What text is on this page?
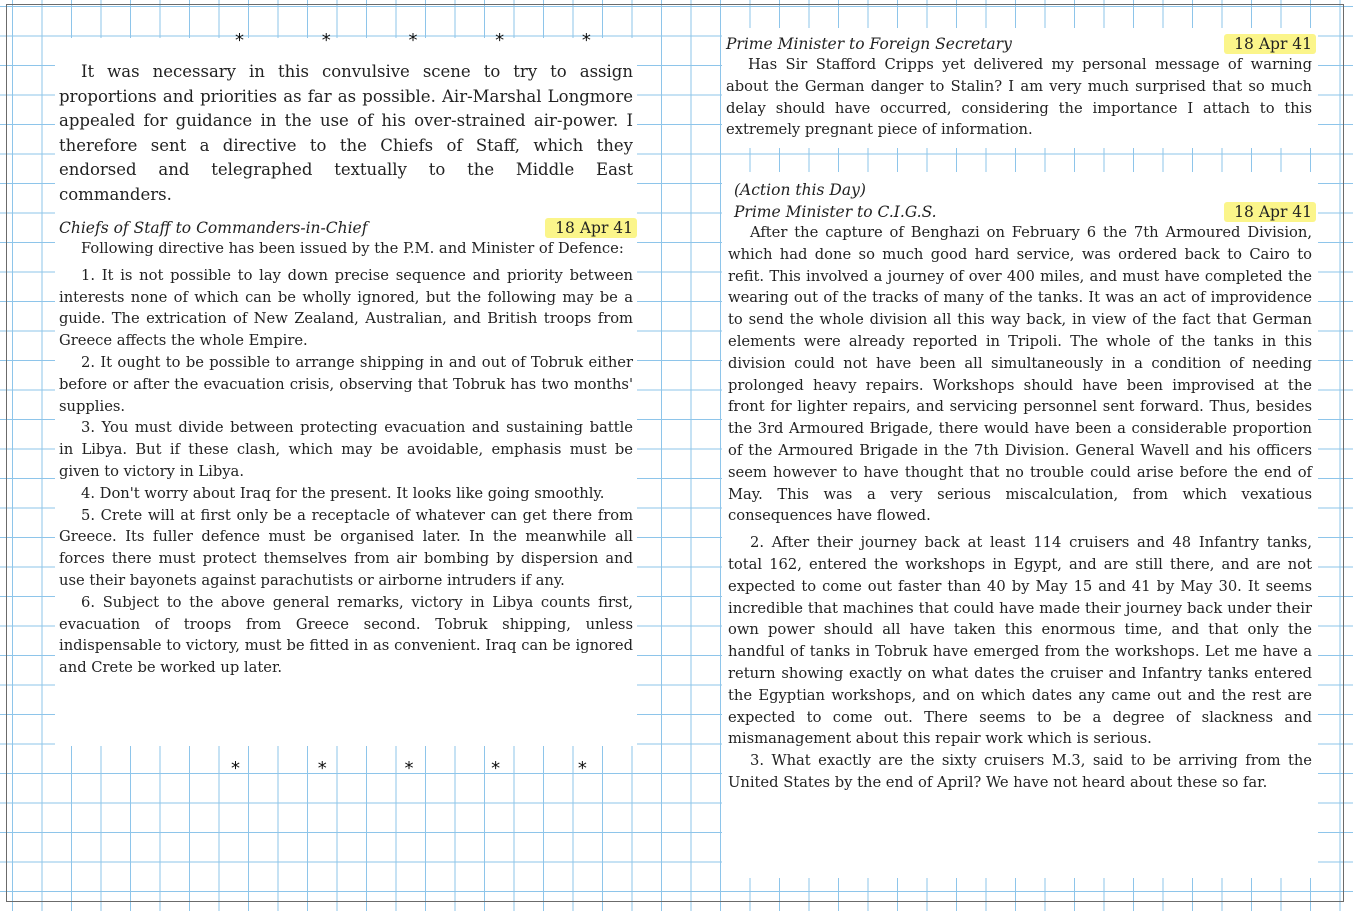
* * * * *

It was necessary in this convulsive scene to try to assign proportions and priorities as far as possible. Air-Marshal Longmore appealed for guidance in the use of his over-strained air-power. I therefore sent a directive to the Chiefs of Staff, which they endorsed and telegraphed textually to the Middle East commanders.

Chiefs of Staff to Commanders-in-Chief	18 Apr 41

Following directive has been issued by the P.M. and Minister of Defence:

1. It is not possible to lay down precise sequence and priority between interests none of which can be wholly ignored, but the following may be a guide. The extrication of New Zealand, Australian, and British troops from Greece affects the whole Empire.

2. It ought to be possible to arrange shipping in and out of Tobruk either before or after the evacuation crisis, observing that Tobruk has two months' supplies.

3. You must divide between protecting evacuation and sustaining battle in Libya. But if these clash, which may be avoidable, emphasis must be given to victory in Libya.

4. Don't worry about Iraq for the present. It looks like going smoothly.

5. Crete will at first only be a receptacle of whatever can get there from Greece. Its fuller defence must be organised later. In the meanwhile all forces there must protect themselves from air bombing by dispersion and use their bayonets against parachutists or airborne intruders if any.

6. Subject to the above general remarks, victory in Libya counts first, evacuation of troops from Greece second. Tobruk shipping, unless indispensable to victory, must be fitted in as convenient. Iraq can be ignored and Crete be worked up later.

* * * * *
Prime Minister to Foreign Secretary	18 Apr 41

Has Sir Stafford Cripps yet delivered my personal message of warning about the German danger to Stalin? I am very much surprised that so much delay should have occurred, considering the importance I attach to this extremely pregnant piece of information.

(Action this Day)
Prime Minister to C.I.G.S.	18 Apr 41

After the capture of Benghazi on February 6 the 7th Armoured Division, which had done so much good hard service, was ordered back to Cairo to refit. This involved a journey of over 400 miles, and must have completed the wearing out of the tracks of many of the tanks. It was an act of improvidence to send the whole division all this way back, in view of the fact that German elements were already reported in Tripoli. The whole of the tanks in this division could not have been all simultaneously in a condition of needing prolonged heavy repairs. Workshops should have been improvised at the front for lighter repairs, and servicing personnel sent forward. Thus, besides the 3rd Armoured Brigade, there would have been a considerable proportion of the Armoured Brigade in the 7th Division. General Wavell and his officers seem however to have thought that no trouble could arise before the end of May. This was a very serious miscalculation, from which vexatious consequences have flowed.

2. After their journey back at least 114 cruisers and 48 Infantry tanks, total 162, entered the workshops in Egypt, and are still there, and are not expected to come out faster than 40 by May 15 and 41 by May 30. It seems incredible that machines that could have made their journey back under their own power should all have taken this enormous time, and that only the handful of tanks in Tobruk have emerged from the workshops. Let me have a return showing exactly on what dates the cruiser and Infantry tanks entered the Egyptian workshops, and on which dates any came out and the rest are expected to come out. There seems to be a degree of slackness and mismanagement about this repair work which is serious.

3. What exactly are the sixty cruisers M.3, said to be arriving from the United States by the end of April? We have not heard about these so far.
